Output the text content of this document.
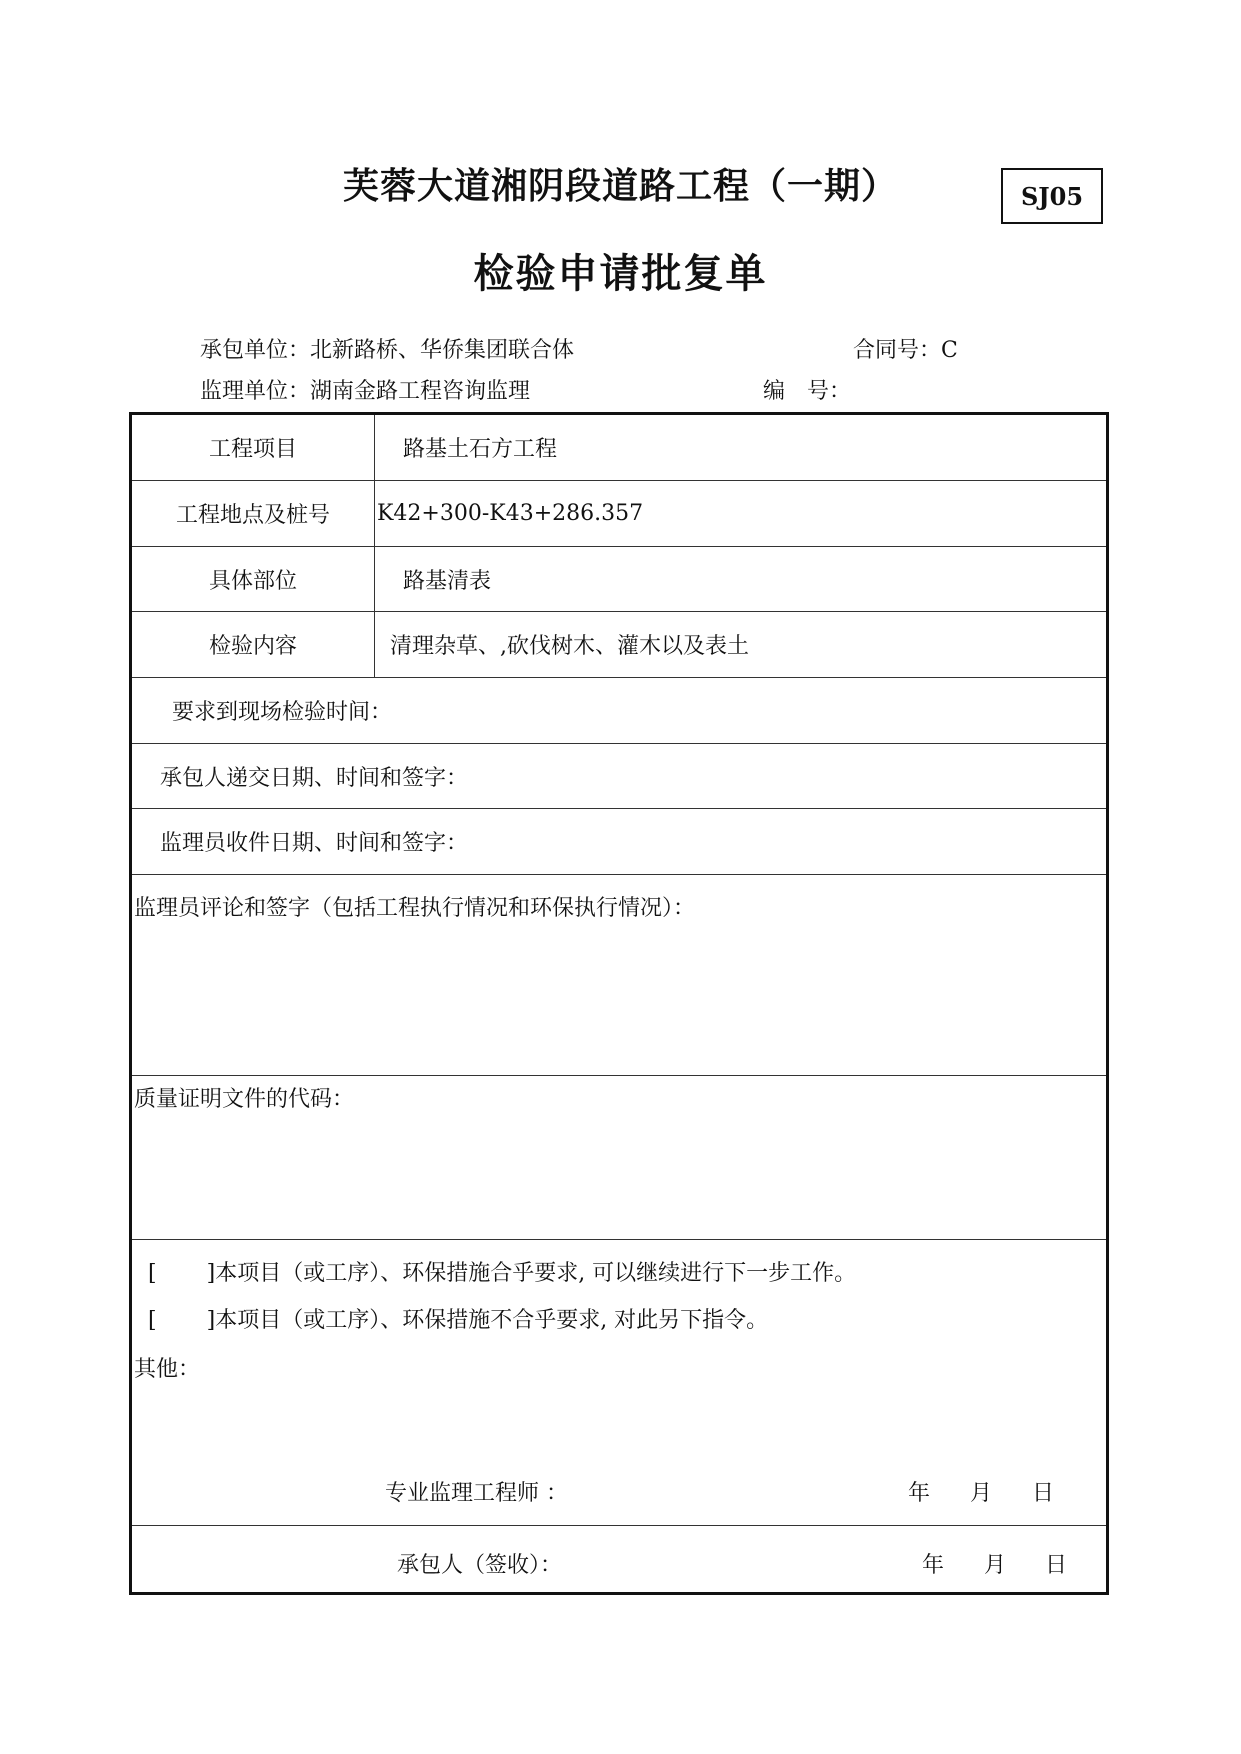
芙蓉大道湘阴段道路工程（一期）	SJ05
检验申请批复单
承包单位：北新路桥、华侨集团联合体	合同号：C
监理单位：湖南金路工程咨询监理	编　号：
工程项目	路基土石方工程
工程地点及桩号	K42+300-K43+286.357
具体部位	路基清表
检验内容	清理杂草、,砍伐树木、灌木以及表土
要求到现场检验时间：
承包人递交日期、时间和签字：
监理员收件日期、时间和签字：
监理员评论和签字（包括工程执行情况和环保执行情况）：
质量证明文件的代码：
[ ]本项目（或工序）、环保措施合乎要求, 可以继续进行下一步工作。
[ ]本项目（或工序）、环保措施不合乎要求, 对此另下指令。
其他：
专业监理工程师 ：	年 月 日
承包人（签收）：	年 月 日
